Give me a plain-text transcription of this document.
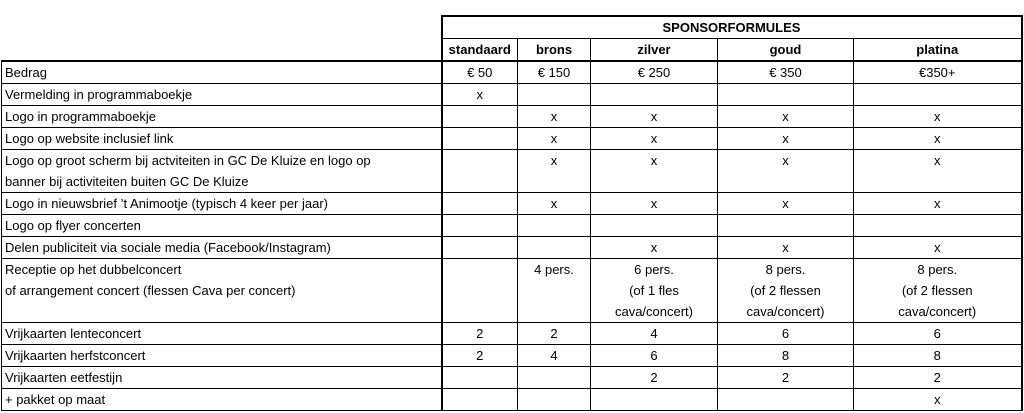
	SPONSORFORMULES				
	standaard	brons	zilver	goud	platina

Bedrag	€ 50	€ 150	€ 250	€ 350	€350+

Vermelding in programmaboekje	x				

Logo in programmaboekje		x	x	x	x

Logo op website inclusief link		x	x	x	x

Logo op groot scherm bij actviteiten in GC De Kluize en logo op
banner bij activiteiten buiten GC De Kluize		x	x	x	x

Logo in nieuwsbrief ’t Animootje (typisch 4 keer per jaar)		x	x	x	x

Logo op flyer concerten					

Delen publiciteit via sociale media (Facebook/Instagram)			x	x	x

Receptie op het dubbelconcert
of arrangement concert (flessen Cava per concert)		4 pers.	6 pers.
(of 1 fles
cava/concert)	8 pers.
(of 2 flessen
cava/concert)	8 pers.
(of 2 flessen
cava/concert)

Vrijkaarten lenteconcert	2	2	4	6	6

Vrijkaarten herfstconcert	2	4	6	8	8

Vrijkaarten eetfestijn			2	2	2

+ pakket op maat					x
